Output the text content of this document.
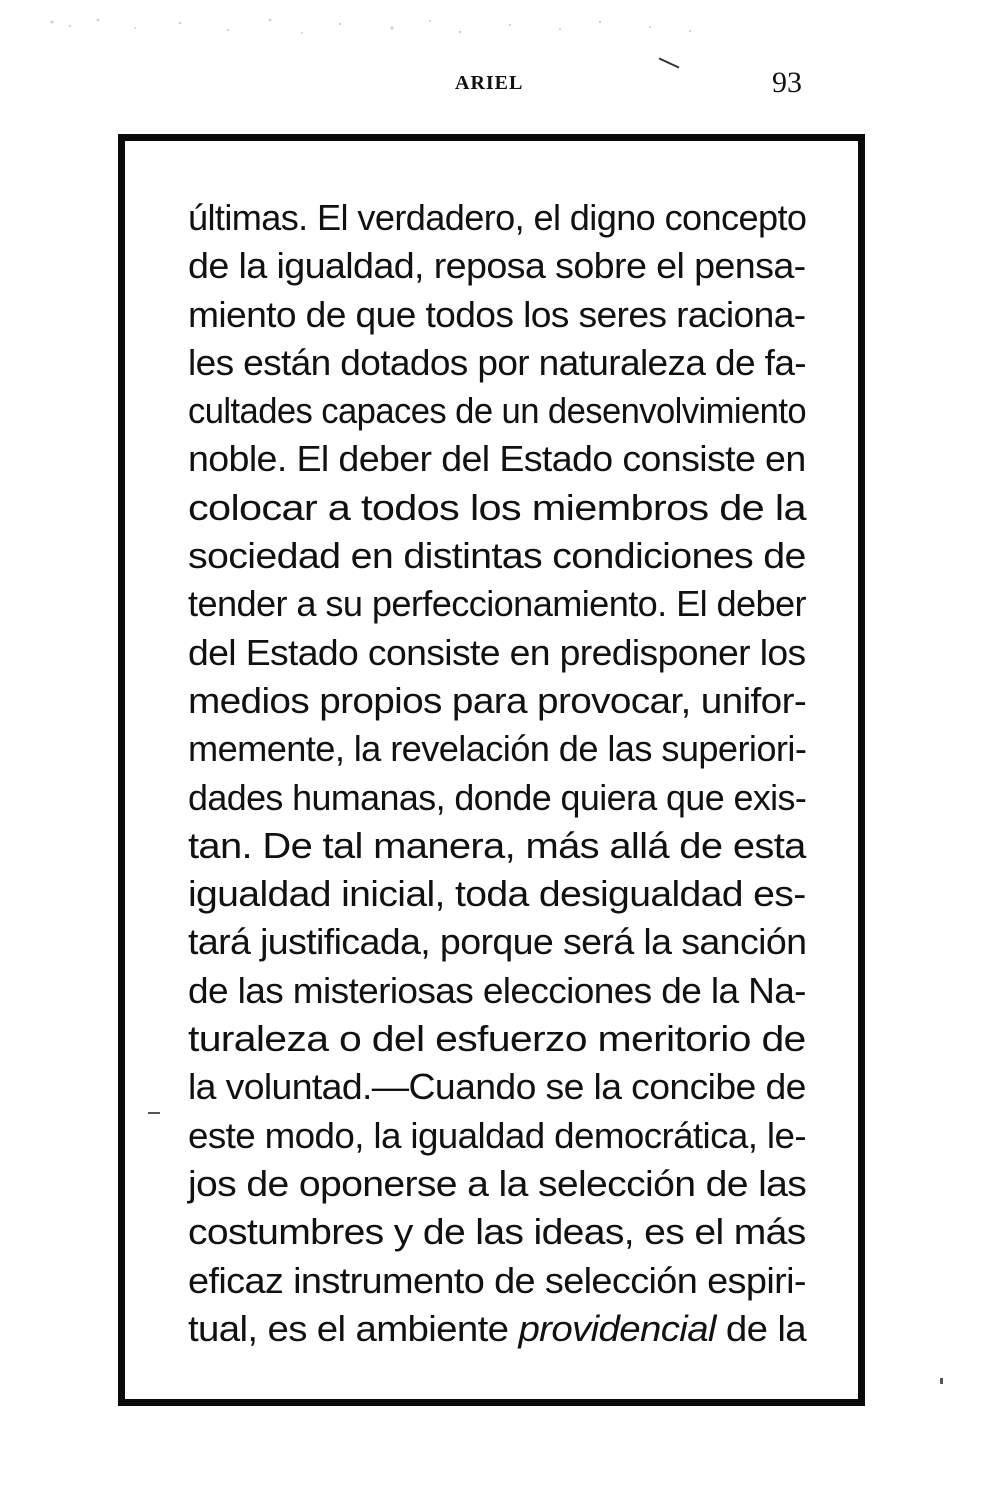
ARIEL	93
últimas. El verdadero, el digno concepto
de la igualdad, reposa sobre el pensa-
miento de que todos los seres raciona-
les están dotados por naturaleza de fa-
cultades capaces de un desenvolvimiento
noble. El deber del Estado consiste en
colocar a todos los miembros de la
sociedad en distintas condiciones de
tender a su perfeccionamiento. El deber
del Estado consiste en predisponer los
medios propios para provocar, unifor-
memente, la revelación de las superiori-
dades humanas, donde quiera que exis-
tan. De tal manera, más allá de esta
igualdad inicial, toda desigualdad es-
tará justificada, porque será la sanción
de las misteriosas elecciones de la Na-
turaleza o del esfuerzo meritorio de
la voluntad.—Cuando se la concibe de
este modo, la igualdad democrática, le-
jos de oponerse a la selección de las
costumbres y de las ideas, es el más
eficaz instrumento de selección espiri-
tual, es el ambiente providencial de la
